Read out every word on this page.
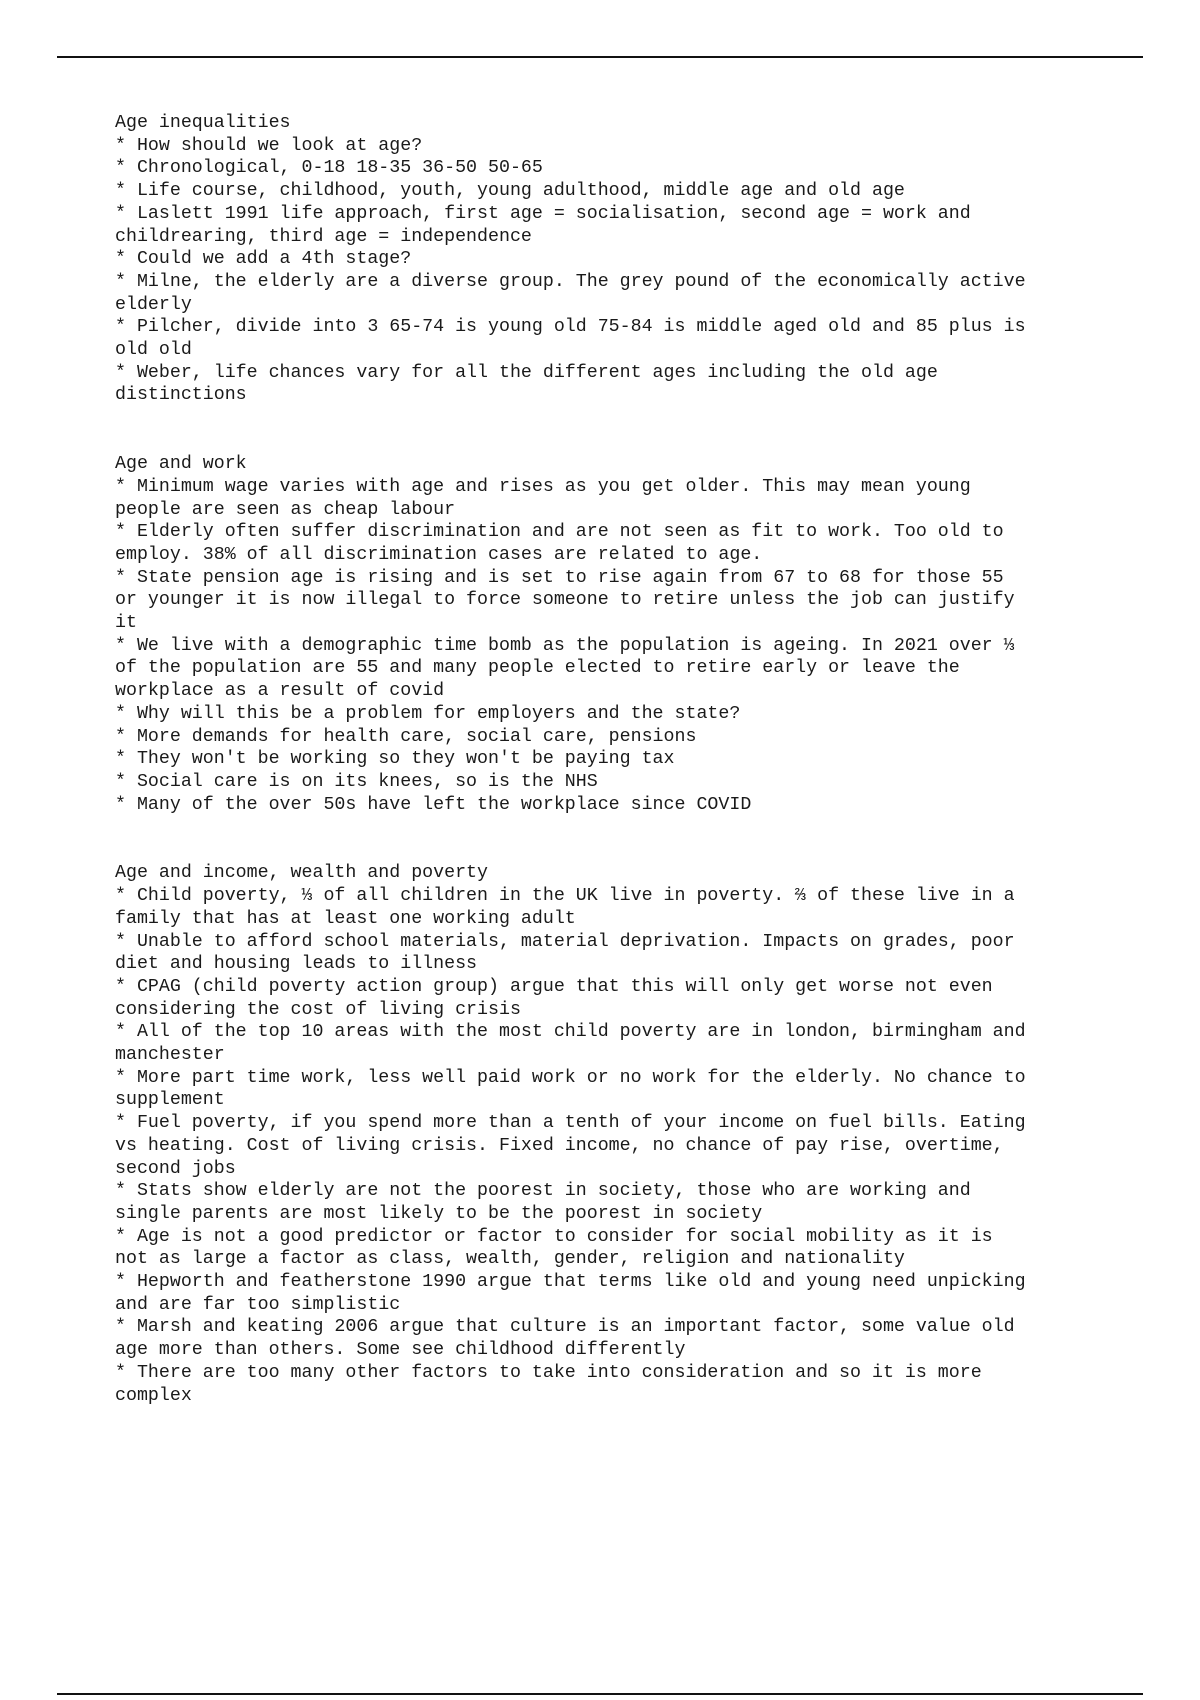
Age inequalities
* How should we look at age?
* Chronological, 0-18 18-35 36-50 50-65
* Life course, childhood, youth, young adulthood, middle age and old age
* Laslett 1991 life approach, first age = socialisation, second age = work and
childrearing, third age = independence
* Could we add a 4th stage?
* Milne, the elderly are a diverse group. The grey pound of the economically active
elderly
* Pilcher, divide into 3 65-74 is young old 75-84 is middle aged old and 85 plus is
old old
* Weber, life chances vary for all the different ages including the old age
distinctions
Age and work
* Minimum wage varies with age and rises as you get older. This may mean young
people are seen as cheap labour
* Elderly often suffer discrimination and are not seen as fit to work. Too old to
employ. 38% of all discrimination cases are related to age.
* State pension age is rising and is set to rise again from 67 to 68 for those 55
or younger it is now illegal to force someone to retire unless the job can justify
it
* We live with a demographic time bomb as the population is ageing. In 2021 over ⅓
of the population are 55 and many people elected to retire early or leave the
workplace as a result of covid
* Why will this be a problem for employers and the state?
* More demands for health care, social care, pensions
* They won't be working so they won't be paying tax
* Social care is on its knees, so is the NHS
* Many of the over 50s have left the workplace since COVID
Age and income, wealth and poverty
* Child poverty, ⅓ of all children in the UK live in poverty. ⅔ of these live in a
family that has at least one working adult
* Unable to afford school materials, material deprivation. Impacts on grades, poor
diet and housing leads to illness
* CPAG (child poverty action group) argue that this will only get worse not even
considering the cost of living crisis
* All of the top 10 areas with the most child poverty are in london, birmingham and
manchester
* More part time work, less well paid work or no work for the elderly. No chance to
supplement
* Fuel poverty, if you spend more than a tenth of your income on fuel bills. Eating
vs heating. Cost of living crisis. Fixed income, no chance of pay rise, overtime,
second jobs
* Stats show elderly are not the poorest in society, those who are working and
single parents are most likely to be the poorest in society
* Age is not a good predictor or factor to consider for social mobility as it is
not as large a factor as class, wealth, gender, religion and nationality
* Hepworth and featherstone 1990 argue that terms like old and young need unpicking
and are far too simplistic
* Marsh and keating 2006 argue that culture is an important factor, some value old
age more than others. Some see childhood differently
* There are too many other factors to take into consideration and so it is more
complex
